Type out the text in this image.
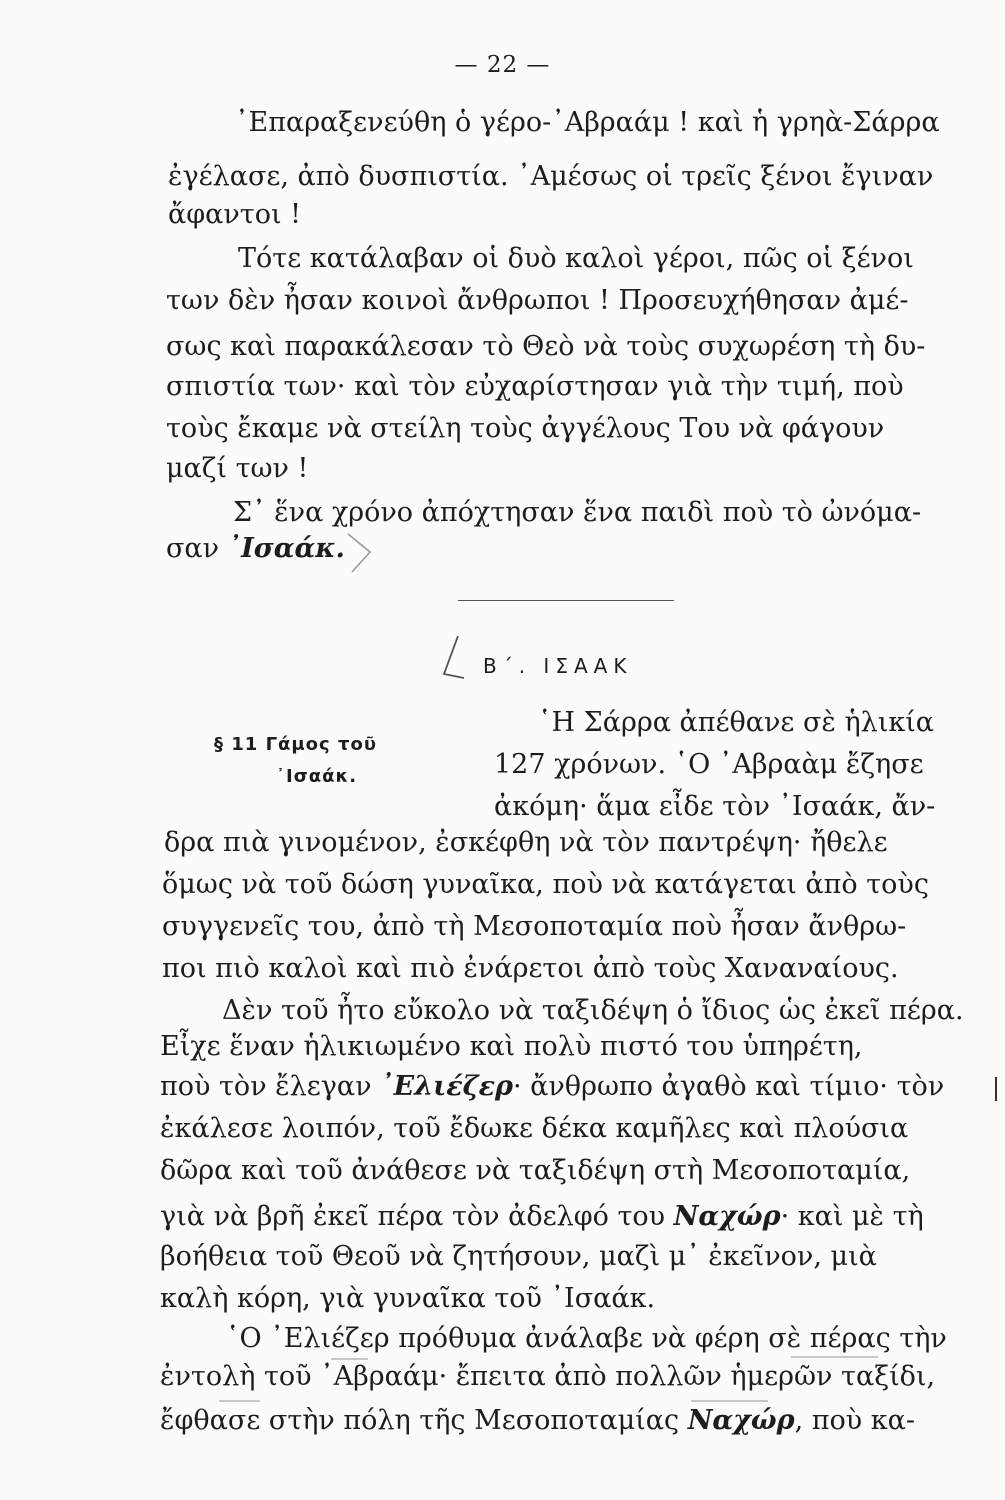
— 22 —
᾿Επαραξενεύθη ὁ γέρο-᾿Αβραάμ ! καὶ ἡ γρηὰ-Σάρρα
ἐγέλασε, ἀπὸ δυσπιστία. ᾿Αμέσως οἱ τρεῖς ξένοι ἔγιναν
ἄφαντοι !
Τότε κατάλαβαν οἱ δυὸ καλοὶ γέροι, πῶς οἱ ξένοι
των δὲν ἦσαν κοινοὶ ἄνθρωποι ! Προσευχήθησαν ἀμέ-
σως καὶ παρακάλεσαν τὸ Θεὸ νὰ τοὺς συχωρέση τὴ δυ-
σπιστία των· καὶ τὸν εὐχαρίστησαν γιὰ τὴν τιμή, ποὺ
τοὺς ἔκαμε νὰ στείλη τοὺς ἀγγέλους Του νὰ φάγουν
μαζί των !
Σ᾿ ἕνα χρόνο ἀπόχτησαν ἕνα παιδὶ ποὺ τὸ ὠνόμα-
σαν ᾿Ισαάκ.
Β΄. ΙΣΑΑΚ
§ 11 Γάμος τοῦ
᾿Ισαάκ.
῾Η Σάρρα ἀπέθανε σὲ ἡλικία
127 χρόνων. ῾Ο ᾿Αβραὰμ ἔζησε
ἀκόμη· ἅμα εἶδε τὸν ᾿Ισαάκ, ἄν-
δρα πιὰ γινομένον, ἐσκέφθη νὰ τὸν παντρέψη· ἤθελε
ὅμως νὰ τοῦ δώση γυναῖκα, ποὺ νὰ κατάγεται ἀπὸ τοὺς
συγγενεῖς του, ἀπὸ τὴ Μεσοποταμία ποὺ ἦσαν ἄνθρω-
ποι πιὸ καλοὶ καὶ πιὸ ἐνάρετοι ἀπὸ τοὺς Χαναναίους.
Δὲν τοῦ ἦτο εὔκολο νὰ ταξιδέψη ὁ ἴδιος ὡς ἐκεῖ πέρα.
Εἶχε ἕναν ἡλικιωμένο καὶ πολὺ πιστό του ὑπηρέτη,
ποὺ τὸν ἔλεγαν ᾿Ελιέζερ· ἄνθρωπο ἀγαθὸ καὶ τίμιο· τὸν
ἐκάλεσε λοιπόν, τοῦ ἔδωκε δέκα καμῆλες καὶ πλούσια
δῶρα καὶ τοῦ ἀνάθεσε νὰ ταξιδέψη στὴ Μεσοποταμία,
γιὰ νὰ βρῆ ἐκεῖ πέρα τὸν ἀδελφό του Ναχώρ· καὶ μὲ τὴ
βοήθεια τοῦ Θεοῦ νὰ ζητήσουν, μαζὶ μ᾿ ἐκεῖνον, μιὰ
καλὴ κόρη, γιὰ γυναῖκα τοῦ ᾿Ισαάκ.
῾Ο ᾿Ελιέζερ πρόθυμα ἀνάλαβε νὰ φέρη σὲ πέρας τὴν
ἐντολὴ τοῦ ᾿Αβραάμ· ἔπειτα ἀπὸ πολλῶν ἡμερῶν ταξίδι,
ἔφθασε στὴν πόλη τῆς Μεσοποταμίας Ναχώρ, ποὺ κα-
